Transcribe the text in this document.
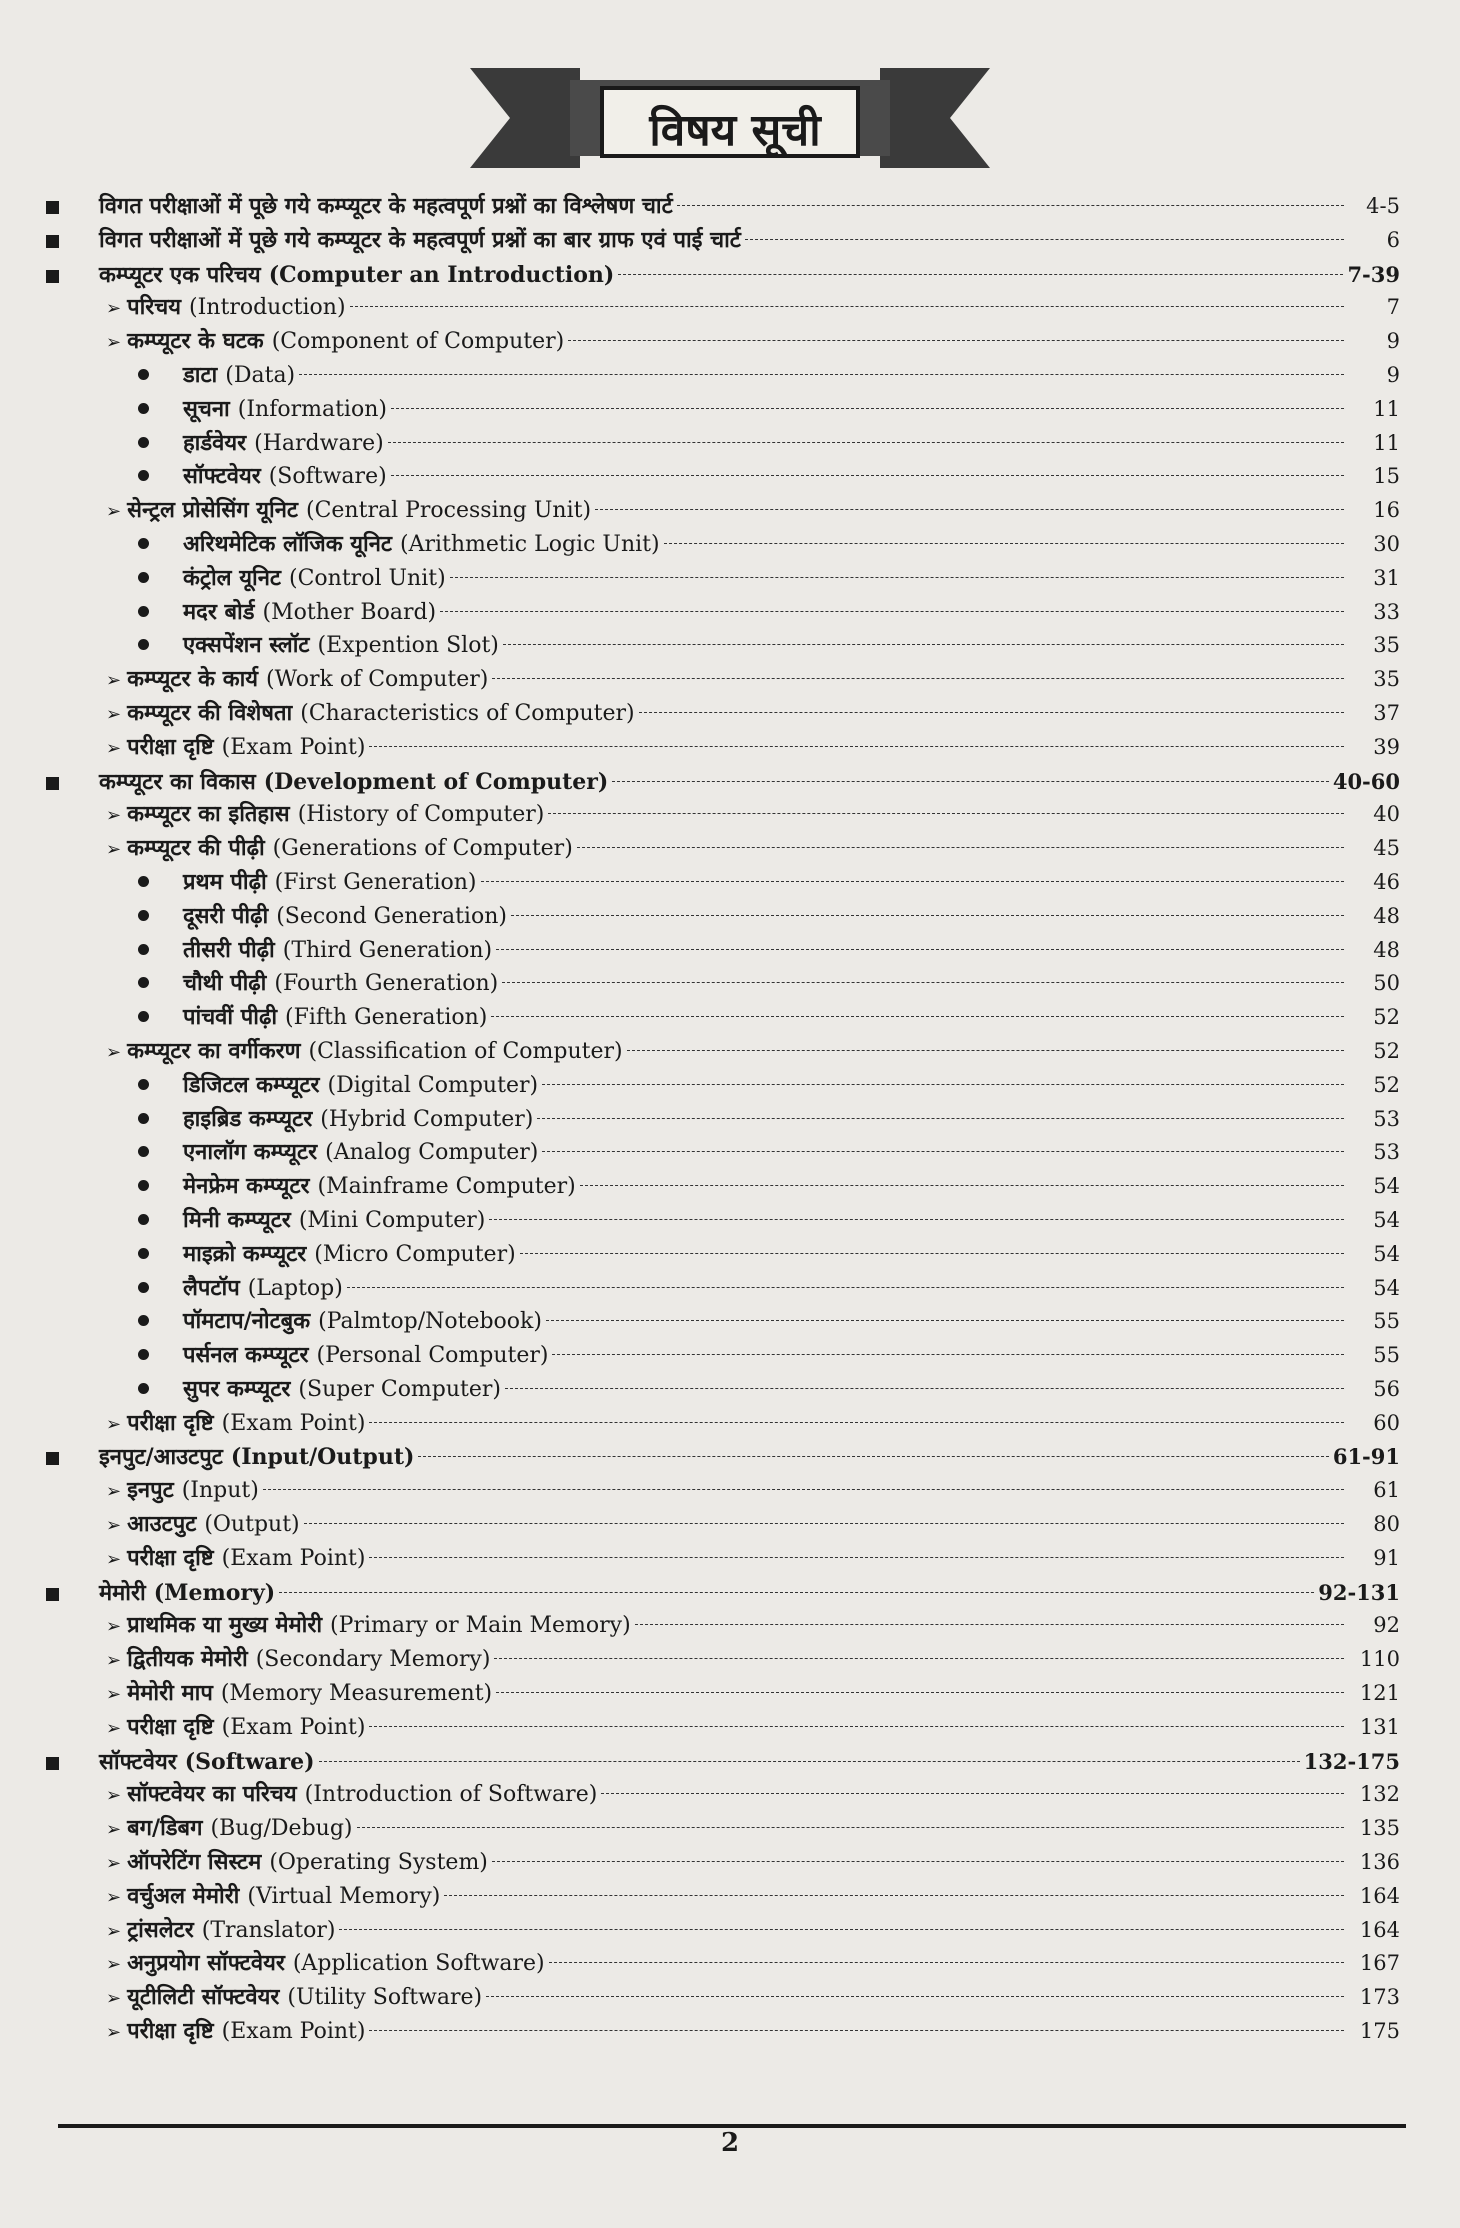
विषय सूची
विगत परीक्षाओं में पूछे गये कम्प्यूटर के महत्वपूर्ण प्रश्नों का विश्लेषण चार्ट	4-5
विगत परीक्षाओं में पूछे गये कम्प्यूटर के महत्वपूर्ण प्रश्नों का बार ग्राफ एवं पाई चार्ट	6
कम्प्यूटर एक परिचय (Computer an Introduction)	7-39
➢ परिचय (Introduction)	7
➢ कम्प्यूटर के घटक (Component of Computer)	9
डाटा (Data)	9
सूचना (Information)	11
हार्डवेयर (Hardware)	11
सॉफ्टवेयर (Software)	15
➢ सेन्ट्रल प्रोसेसिंग यूनिट (Central Processing Unit)	16
अरिथमेटिक लॉजिक यूनिट (Arithmetic Logic Unit)	30
कंट्रोल यूनिट (Control Unit)	31
मदर बोर्ड (Mother Board)	33
एक्सपेंशन स्लॉट (Expention Slot)	35
➢ कम्प्यूटर के कार्य (Work of Computer)	35
➢ कम्प्यूटर की विशेषता (Characteristics of Computer)	37
➢ परीक्षा दृष्टि (Exam Point)	39
कम्प्यूटर का विकास (Development of Computer)	40-60
➢ कम्प्यूटर का इतिहास (History of Computer)	40
➢ कम्प्यूटर की पीढ़ी (Generations of Computer)	45
प्रथम पीढ़ी (First Generation)	46
दूसरी पीढ़ी (Second Generation)	48
तीसरी पीढ़ी (Third Generation)	48
चौथी पीढ़ी (Fourth Generation)	50
पांचवीं पीढ़ी (Fifth Generation)	52
➢ कम्प्यूटर का वर्गीकरण (Classification of Computer)	52
डिजिटल कम्प्यूटर (Digital Computer)	52
हाइब्रिड कम्प्यूटर (Hybrid Computer)	53
एनालॉग कम्प्यूटर (Analog Computer)	53
मेनफ्रेम कम्प्यूटर (Mainframe Computer)	54
मिनी कम्प्यूटर (Mini Computer)	54
माइक्रो कम्प्यूटर (Micro Computer)	54
लैपटॉप (Laptop)	54
पॉमटाप/नोटबुक (Palmtop/Notebook)	55
पर्सनल कम्प्यूटर (Personal Computer)	55
सुपर कम्प्यूटर (Super Computer)	56
➢ परीक्षा दृष्टि (Exam Point)	60
इनपुट/आउटपुट (Input/Output)	61-91
➢ इनपुट (Input)	61
➢ आउटपुट (Output)	80
➢ परीक्षा दृष्टि (Exam Point)	91
मेमोरी (Memory)	92-131
➢ प्राथमिक या मुख्य मेमोरी (Primary or Main Memory)	92
➢ द्वितीयक मेमोरी (Secondary Memory)	110
➢ मेमोरी माप (Memory Measurement)	121
➢ परीक्षा दृष्टि (Exam Point)	131
सॉफ्टवेयर (Software)	132-175
➢ सॉफ्टवेयर का परिचय (Introduction of Software)	132
➢ बग/डिबग (Bug/Debug)	135
➢ ऑपरेटिंग सिस्टम (Operating System)	136
➢ वर्चुअल मेमोरी (Virtual Memory)	164
➢ ट्रांसलेटर (Translator)	164
➢ अनुप्रयोग सॉफ्टवेयर (Application Software)	167
➢ यूटीलिटी सॉफ्टवेयर (Utility Software)	173
➢ परीक्षा दृष्टि (Exam Point)	175
2
